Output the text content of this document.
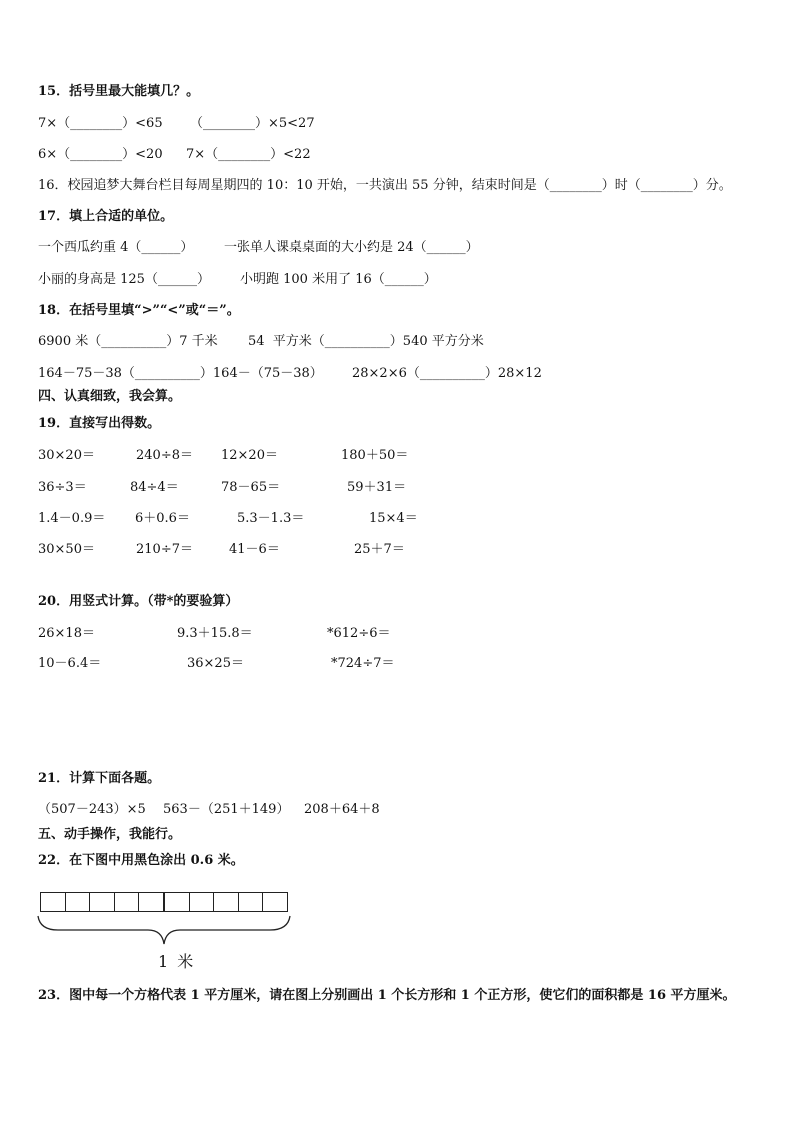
15．括号里最大能填几？。
7×（________）<65 （________）×5<27
6×（________）<20 7×（________）<22
16．校园追梦大舞台栏目每周星期四的 10：10 开始，一共演出 55 分钟，结束时间是（________）时（________）分。
17．填上合适的单位。
一个西瓜约重 4（______） 一张单人课桌桌面的大小约是 24（______）
小丽的身高是 125（______） 小明跑 100 米用了 16（______）
18．在括号里填“>”“<”或“＝”。
6900 米（__________）7 千米 54  平方米（__________）540 平方分米
164－75－38（__________）164－（75－38） 28×2×6（__________）28×12
四、认真细致，我会算。
19．直接写出得数。
30×20＝	240÷8＝ 12×20＝	180＋50＝
36÷3＝	84÷4＝	78－65＝	59＋31＝
1.4－0.9＝ 6＋0.6＝	5.3－1.3＝	15×4＝
30×50＝	210÷7＝	41－6＝	25＋7＝
20．用竖式计算。（带*的要验算）
26×18＝	9.3＋15.8＝	*612÷6＝
10－6.4＝	36×25＝	*724÷7＝
21．计算下面各题。
（507－243）×5 563－（251＋149） 208＋64＋8
五、动手操作，我能行。
22．在下图中用黑色涂出 0.6 米。
1 米
23．图中每一个方格代表 1 平方厘米，请在图上分别画出 1 个长方形和 1 个正方形，使它们的面积都是 16 平方厘米。
